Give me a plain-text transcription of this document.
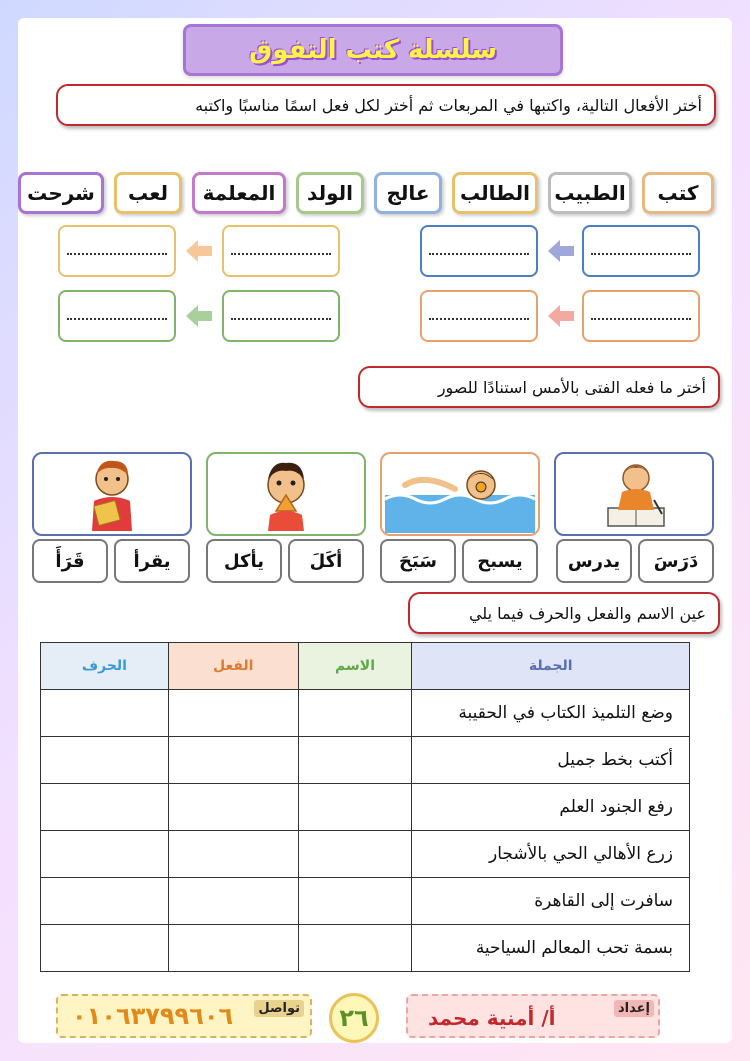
سلسلة كتب التفوق
أختر الأفعال التالية، واكتبها في المربعات ثم أختر لكل فعل اسمًا مناسبًا واكتبه
كتب
الطبيب
الطالب
عالج
الولد
المعلمة
لعب
شرحت
أختر ما فعله الفتى بالأمس استنادًا للصور
دَرَسَ
يدرس
يسبح
سَبَحَ
أكَلَ
يأكل
يقرأ
قَرَأَ
عين الاسم والفعل والحرف فيما يلي
الجملة	الاسم	الفعل	الحرف
وضع التلميذ الكتاب في الحقيبة			
أكتب بخط جميل			
رفع الجنود العلم			
زرع الأهالي الحي بالأشجار			
سافرت إلى القاهرة			
بسمة تحب المعالم السياحية			
٠١٠٦٣٧٩٩٦٠٦	تواصل	٢٦	أ/ أمنية محمد	إعداد
